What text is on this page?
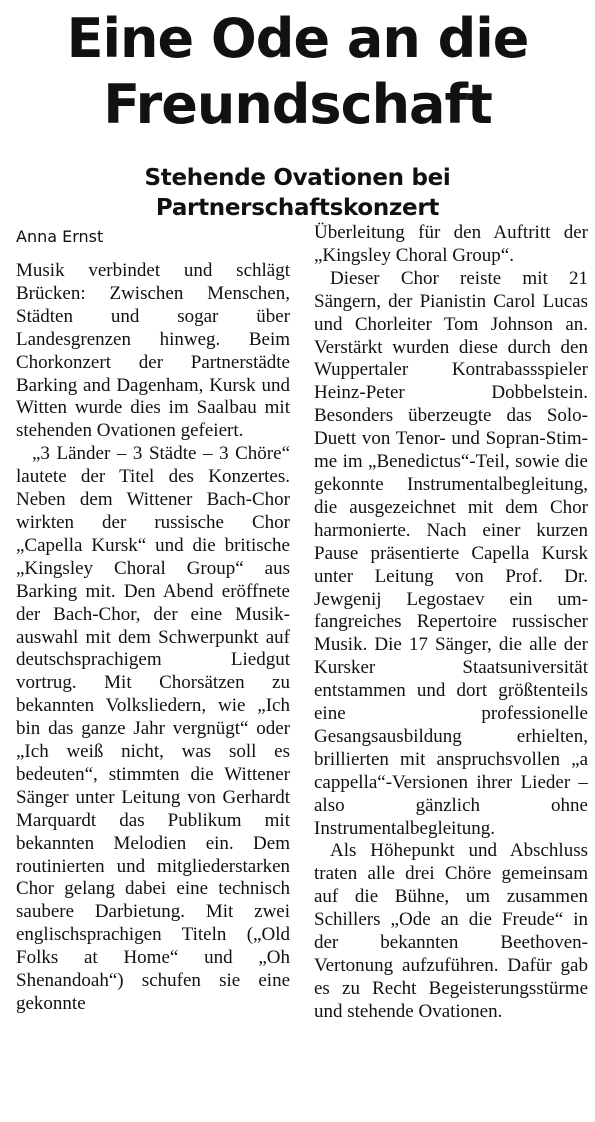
Eine Ode an die
Freundschaft
Stehende Ovationen bei Partnerschaftskonzert
Anna Ernst

Musik verbindet und schlägt Brücken: Zwischen Menschen, Städten und sogar über Landesgrenzen hinweg. Beim Chorkonzert der Partnerstädte Barking and Dagenham, Kursk und Witten wurde dies im Saalbau mit stehenden Ovationen gefeiert.

„3 Länder – 3 Städte – 3 Chöre“ lautete der Titel des Konzertes. Neben dem Wittener Bach-Chor wirkten der russische Chor „Capella Kursk“ und die britische „Kingsley Choral Group“ aus Barking mit. Den Abend eröffnete der Bach-Chor, der eine Musikauswahl mit dem Schwerpunkt auf deutschsprachigem Liedgut vortrug. Mit Chorsätzen zu bekannten Volksliedern, wie „Ich bin das ganze Jahr vergnügt“ oder „Ich weiß nicht, was soll es bedeuten“, stimmten die Wittener Sänger unter Leitung von Gerhardt Marquardt das Publikum mit bekannten Melodien ein. Dem routinierten und mitgliederstarken Chor gelang dabei eine technisch saubere Darbietung. Mit zwei englischsprachigen Titeln („Old Folks at Home“ und „Oh Shenandoah“) schufen sie eine gekonnte

Überleitung für den Auftritt der „Kingsley Choral Group“.

Dieser Chor reiste mit 21 Sängern, der Pianistin Carol Lucas und Chorleiter Tom Johnson an. Verstärkt wurden diese durch den Wuppertaler Kontrabassspieler Heinz-Peter Dobbelstein. Besonders überzeugte das Solo-Duett von Tenor- und Sopran-Stimme im „Benedictus“-Teil, sowie die gekonnte Instrumentalbegleitung, die ausgezeichnet mit dem Chor harmonierte. Nach einer kurzen Pause präsentierte Capella Kursk unter Leitung von Prof. Dr. Jewgenij Legostaev ein umfangreiches Repertoire russischer Musik. Die 17 Sänger, die alle der Kursker Staatsuniversität entstammen und dort größtenteils eine professionelle Gesangsausbildung erhielten, brillierten mit anspruchsvollen „a cappella“-Versionen ihrer Lieder – also gänzlich ohne Instrumentalbegleitung.

Als Höhepunkt und Abschluss traten alle drei Chöre gemeinsam auf die Bühne, um zusammen Schillers „Ode an die Freude“ in der bekannten Beethoven-Vertonung aufzuführen. Dafür gab es zu Recht Begeisterungsstürme und stehende Ovationen.
